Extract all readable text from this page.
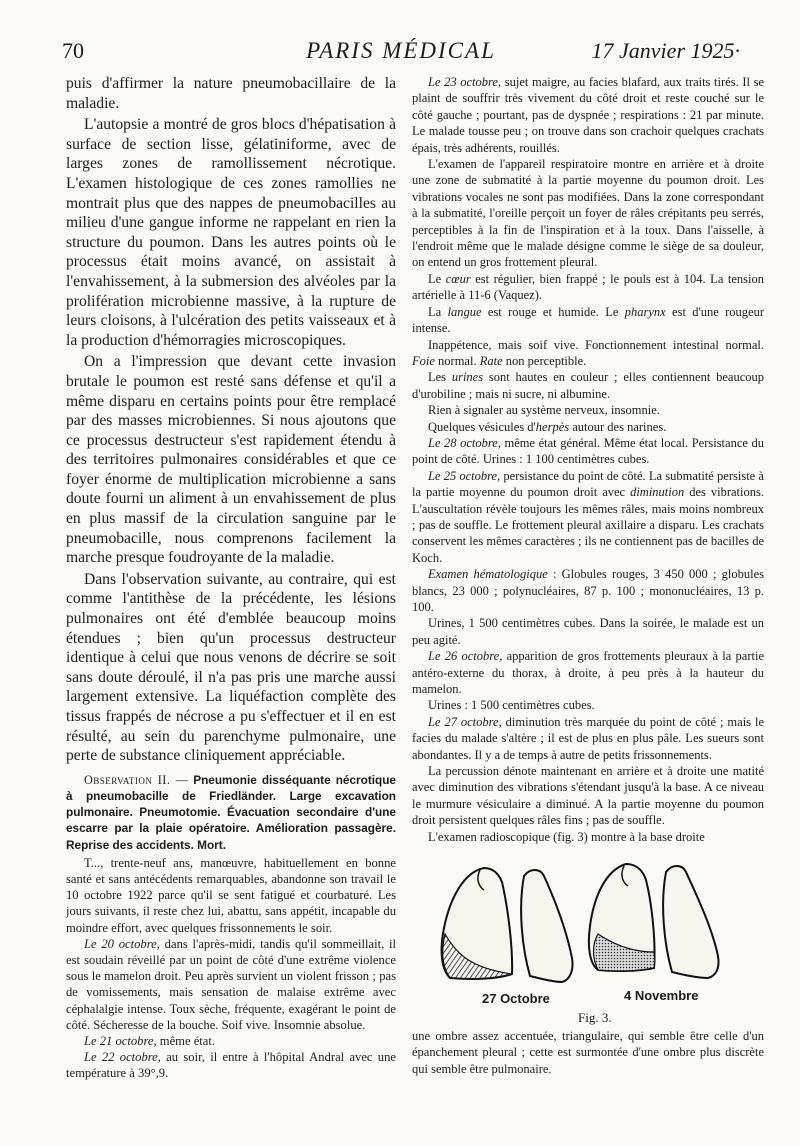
70	PARIS MÉDICAL	17 Janvier 1925·

puis d'affirmer la nature pneumobacillaire de la maladie.

L'autopsie a montré de gros blocs d'hépatisation à surface de section lisse, gélatiniforme, avec de larges zones de ramollissement nécrotique. L'examen histologique de ces zones ramollies ne montrait plus que des nappes de pneumobacilles au milieu d'une gangue informe ne rappelant en rien la structure du poumon. Dans les autres points où le processus était moins avancé, on assistait à l'envahissement, à la submersion des alvéoles par la prolifération microbienne massive, à la rupture de leurs cloisons, à l'ulcération des petits vaisseaux et à la production d'hémorragies microscopiques.

On a l'impression que devant cette invasion brutale le poumon est resté sans défense et qu'il a même disparu en certains points pour être remplacé par des masses microbiennes. Si nous ajoutons que ce processus destructeur s'est rapidement étendu à des territoires pulmonaires considérables et que ce foyer énorme de multiplication microbienne a sans doute fourni un aliment à un envahissement de plus en plus massif de la circulation sanguine par le pneumobacille, nous comprenons facilement la marche presque foudroyante de la maladie.

Dans l'observation suivante, au contraire, qui est comme l'antithèse de la précédente, les lésions pulmonaires ont été d'emblée beaucoup moins étendues ; bien qu'un processus destructeur identique à celui que nous venons de décrire se soit sans doute déroulé, il n'a pas pris une marche aussi largement extensive. La liquéfaction complète des tissus frappés de nécrose a pu s'effectuer et il en est résulté, au sein du parenchyme pulmonaire, une perte de substance cliniquement appréciable.

Observation II. — Pneumonie disséquante nécrotique à pneumobacille de Friedländer. Large excavation pulmonaire. Pneumotomie. Évacuation secondaire d'une escarre par la plaie opératoire. Amélioration passagère. Reprise des accidents. Mort.

T..., trente-neuf ans, manœuvre, habituellement en bonne santé et sans antécédents remarquables, abandonne son travail le 10 octobre 1922 parce qu'il se sent fatigué et courbaturé. Les jours suivants, il reste chez lui, abattu, sans appétit, incapable du moindre effort, avec quelques frissonnements le soir.

Le 20 octobre, dans l'après-midi, tandis qu'il sommeillait, il est soudain réveillé par un point de côté d'une extrême violence sous le mamelon droit. Peu après survient un violent frisson ; pas de vomissements, mais sensation de malaise extrême avec céphalalgie intense. Toux sèche, fréquente, exagérant le point de côté. Sécheresse de la bouche. Soif vive. Insomnie absolue.

Le 21 octobre, même état.

Le 22 octobre, au soir, il entre à l'hôpital Andral avec une température à 39°,9.

Le 23 octobre, sujet maigre, au facies blafard, aux traits tirés. Il se plaint de souffrir très vivement du côté droit et reste couché sur le côté gauche ; pourtant, pas de dyspnée ; respirations : 21 par minute. Le malade tousse peu ; on trouve dans son crachoir quelques crachats épais, très adhérents, rouillés.

L'examen de l'appareil respiratoire montre en arrière et à droite une zone de submatité à la partie moyenne du poumon droit. Les vibrations vocales ne sont pas modifiées. Dans la zone correspondant à la submatité, l'oreille perçoit un foyer de râles crépitants peu serrés, perceptibles à la fin de l'inspiration et à la toux. Dans l'aisselle, à l'endroit même que le malade désigne comme le siège de sa douleur, on entend un gros frottement pleural.

Le cœur est régulier, bien frappé ; le pouls est à 104. La tension artérielle à 11-6 (Vaquez).

La langue est rouge et humide. Le pharynx est d'une rougeur intense.

Inappétence, mais soif vive. Fonctionnement intestinal normal. Foie normal. Rate non perceptible.

Les urines sont hautes en couleur ; elles contiennent beaucoup d'urobiline ; mais ni sucre, ni albumine.

Rien à signaler au système nerveux, insomnie.

Quelques vésicules d'herpès autour des narines.

Le 28 octobre, même état général. Même état local. Persistance du point de côté. Urines : 1 100 centimètres cubes.

Le 25 octobre, persistance du point de côté. La submatité persiste à la partie moyenne du poumon droit avec diminution des vibrations. L'auscultation révèle toujours les mêmes râles, mais moins nombreux ; pas de souffle. Le frottement pleural axillaire a disparu. Les crachats conservent les mêmes caractères ; ils ne contiennent pas de bacilles de Koch.

Examen hématologique : Globules rouges, 3 450 000 ; globules blancs, 23 000 ; polynucléaires, 87 p. 100 ; mononucléaires, 13 p. 100.

Urines, 1 500 centimètres cubes. Dans la soirée, le malade est un peu agité.

Le 26 octobre, apparition de gros frottements pleuraux à la partie antéro-externe du thorax, à droite, à peu près à la hauteur du mamelon.

Urines : 1 500 centimètres cubes.

Le 27 octobre, diminution très marquée du point de côté ; mais le facies du malade s'altère ; il est de plus en plus pâle. Les sueurs sont abondantes. Il y a de temps à autre de petits frissonnements.

La percussion dénote maintenant en arrière et à droite une matité avec diminution des vibrations s'étendant jusqu'à la base. A ce niveau le murmure vésiculaire a diminué. A la partie moyenne du poumon droit persistent quelques râles fins ; pas de souffle.

L'examen radioscopique (fig. 3) montre à la base droite

27 Octobre	4 Novembre
Fig. 3.

une ombre assez accentuée, triangulaire, qui semble être celle d'un épanchement pleural ; cette est surmontée d'une ombre plus discrète qui semble être pulmonaire.
